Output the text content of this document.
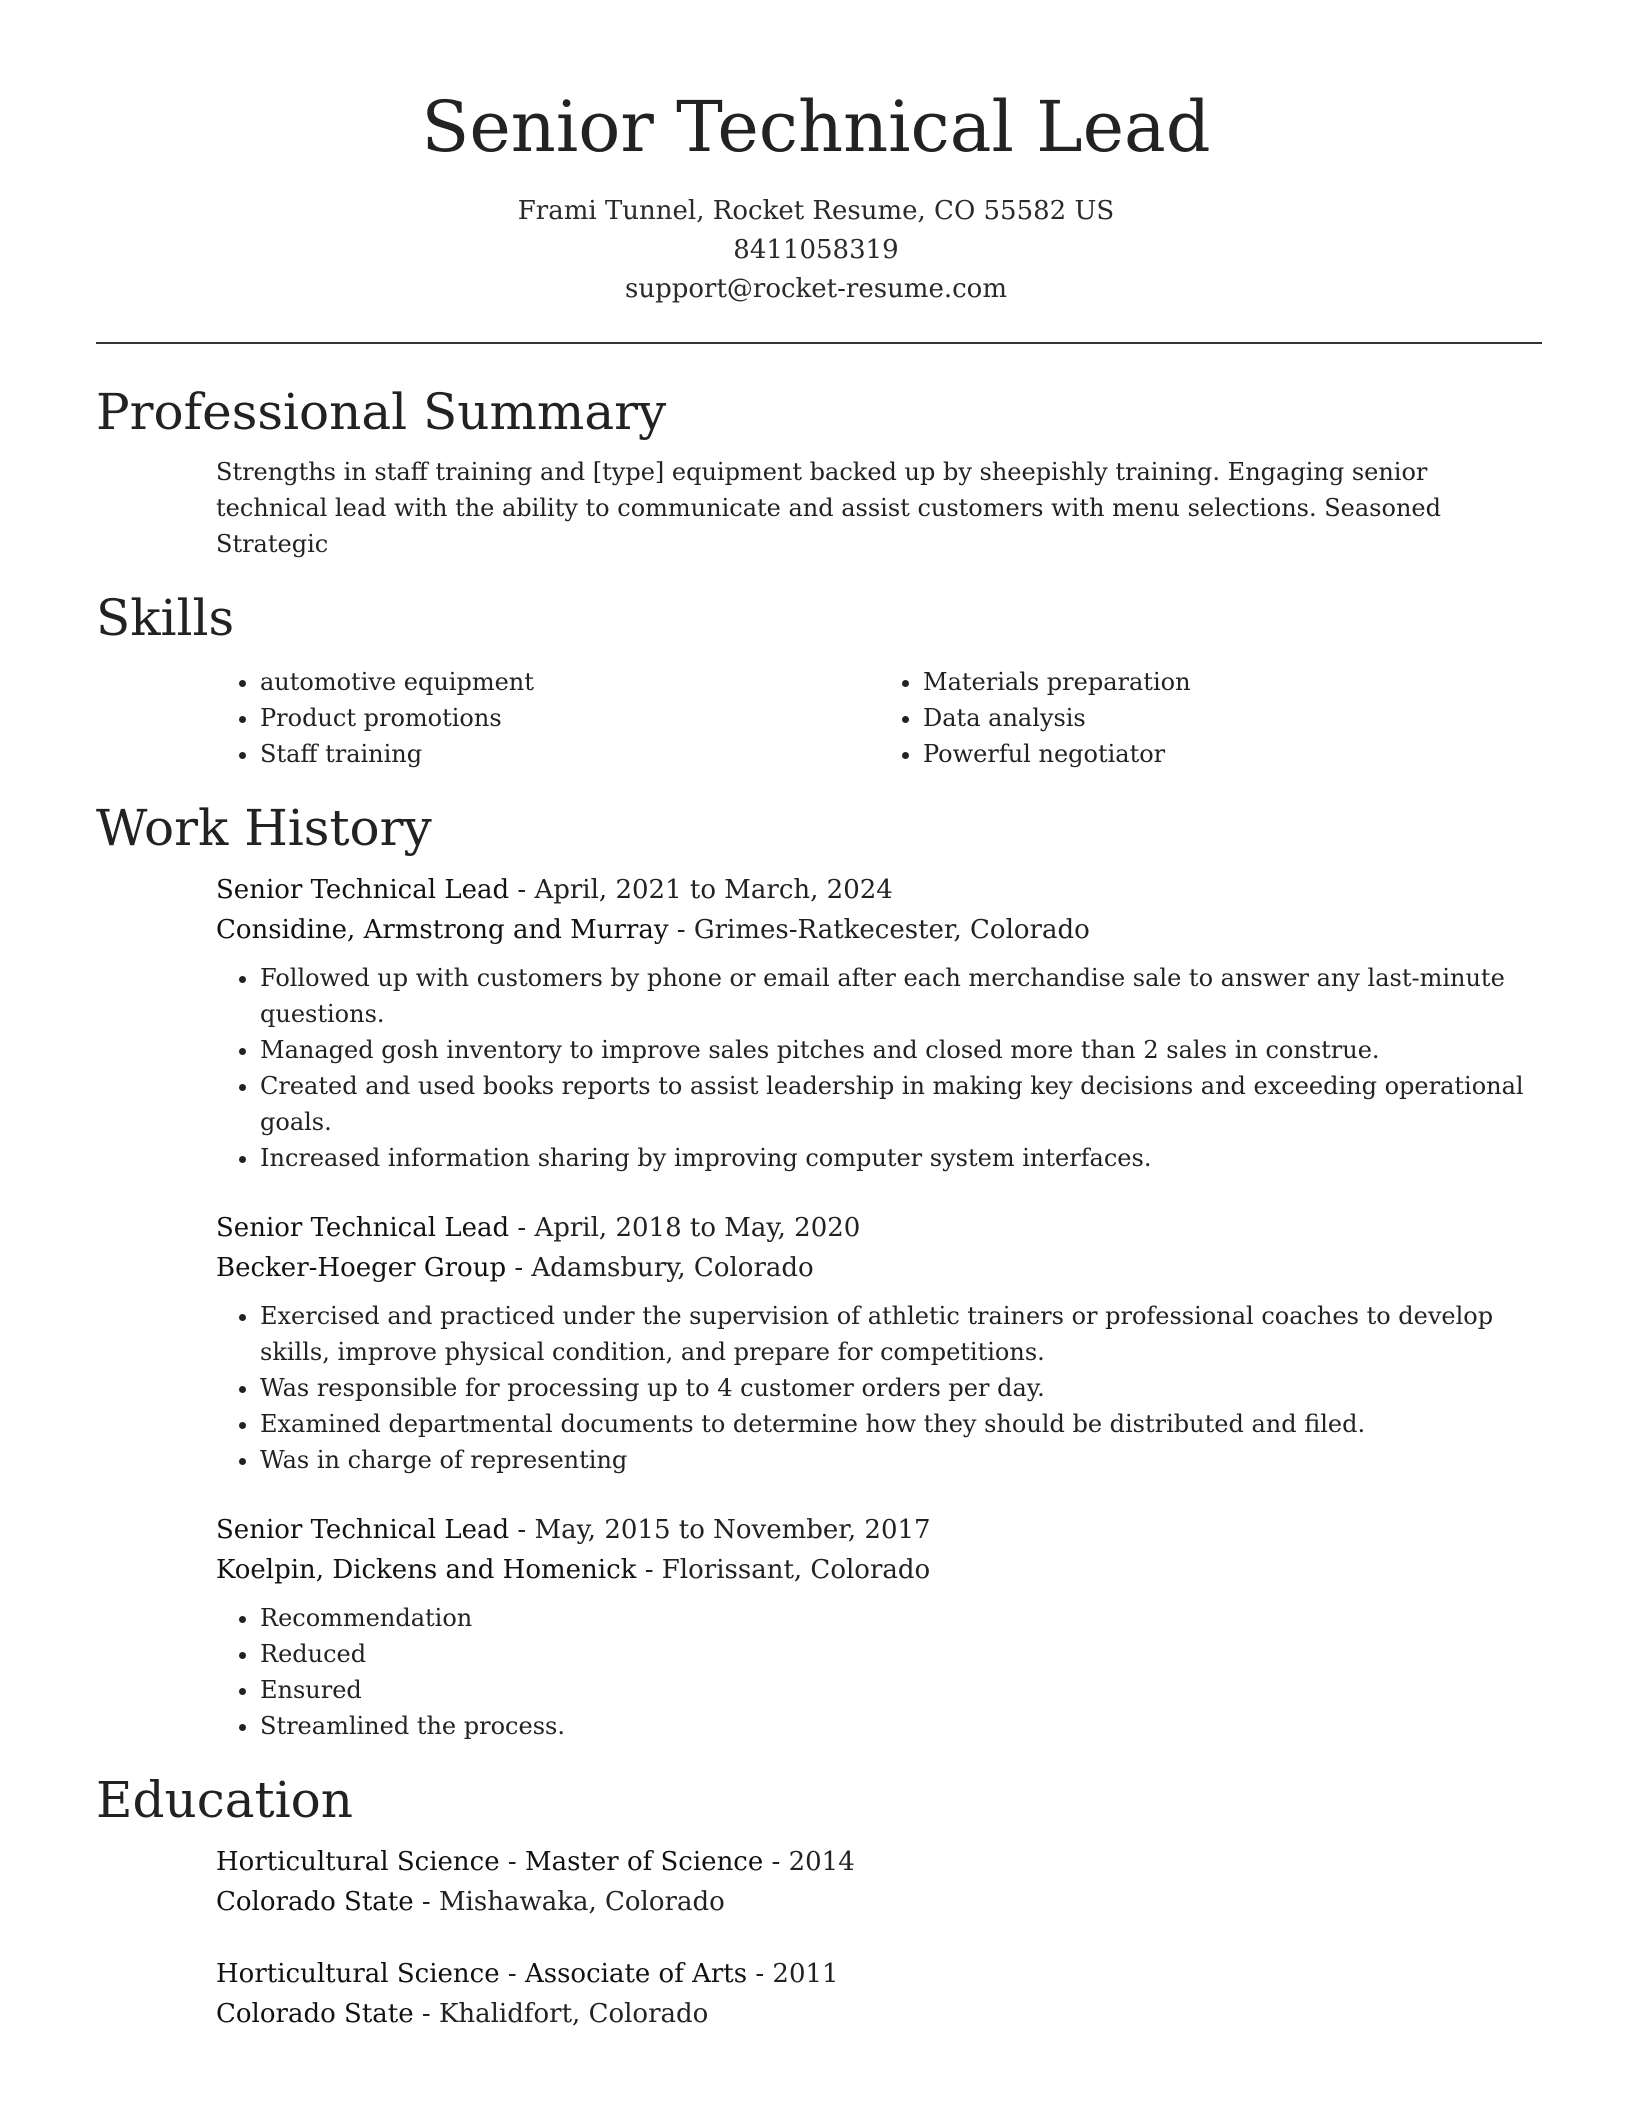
Senior Technical Lead
Frami Tunnel, Rocket Resume, CO 55582 US
8411058319
support@rocket-resume.com
Professional Summary

Strengths in staff training and [type] equipment backed up by sheepishly training. Engaging senior technical lead with the ability to communicate and assist customers with menu selections. Seasoned Strategic

Skills
• automotive equipment
• Product promotions
• Staff training
• Materials preparation
• Data analysis
• Powerful negotiator
Work History
Senior Technical Lead - April, 2021 to March, 2024
Considine, Armstrong and Murray - Grimes-Ratkecester, Colorado
• Followed up with customers by phone or email after each merchandise sale to answer any last-minute questions.
• Managed gosh inventory to improve sales pitches and closed more than 2 sales in construe.
• Created and used books reports to assist leadership in making key decisions and exceeding operational goals.
• Increased information sharing by improving computer system interfaces.
Senior Technical Lead - April, 2018 to May, 2020
Becker-Hoeger Group - Adamsbury, Colorado
• Exercised and practiced under the supervision of athletic trainers or professional coaches to develop skills, improve physical condition, and prepare for competitions.
• Was responsible for processing up to 4 customer orders per day.
• Examined departmental documents to determine how they should be distributed and filed.
• Was in charge of representing
Senior Technical Lead - May, 2015 to November, 2017
Koelpin, Dickens and Homenick - Florissant, Colorado
• Recommendation
• Reduced
• Ensured
• Streamlined the process.
Education
Horticultural Science - Master of Science - 2014
Colorado State - Mishawaka, Colorado
Horticultural Science - Associate of Arts - 2011
Colorado State - Khalidfort, Colorado
